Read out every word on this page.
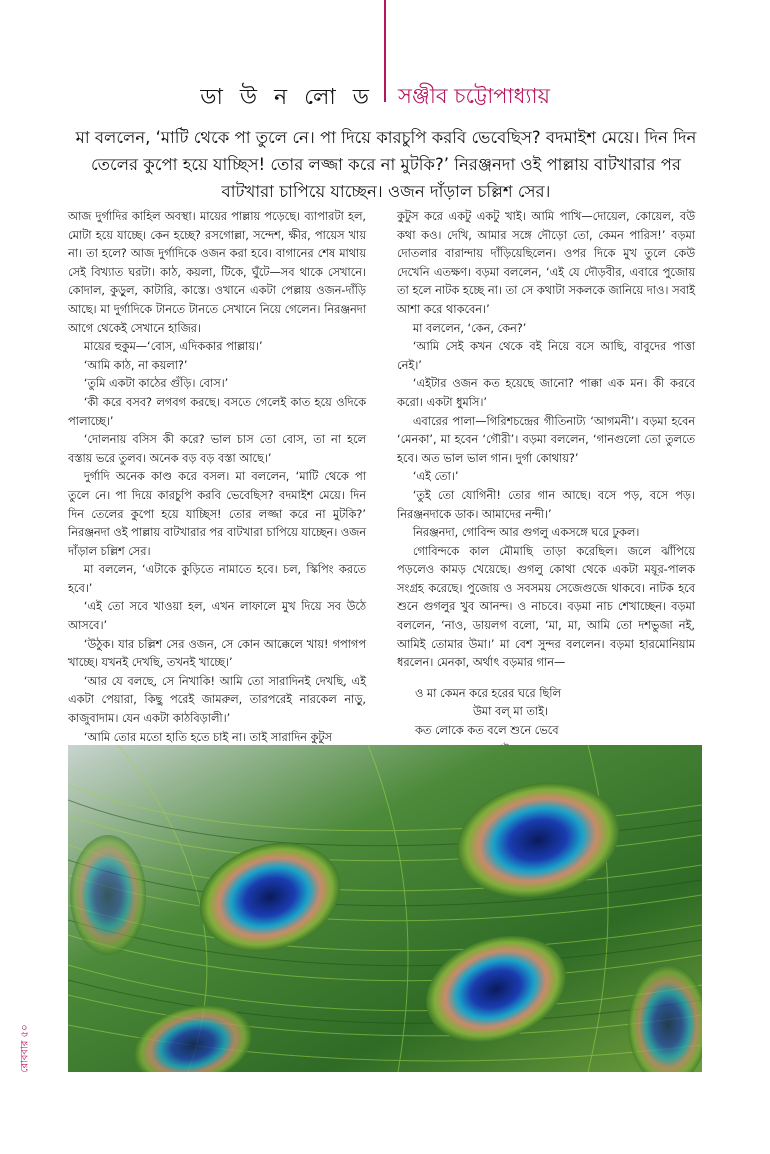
ডা উ ন লো ড সঞ্জীব চট্টোপাধ্যায়
মা বললেন, ‘মাটি থেকে পা তুলে নে। পা দিয়ে কারচুপি করবি ভেবেছিস? বদমাইশ মেয়ে। দিন দিন তেলের কুপো হয়ে যাচ্ছিস! তোর লজ্জা করে না মুটকি?’ নিরঞ্জনদা ওই পাল্লায় বাটখারার পর বাটখারা চাপিয়ে যাচ্ছেন। ওজন দাঁড়াল চল্লিশ সের।

আজ দুর্গাদির কাহিল অবস্থা। মায়ের পাল্লায় পড়েছে। ব্যাপারটা হল, মোটা হয়ে যাচ্ছে। কেন হচ্ছে? রসগোল্লা, সন্দেশ, ক্ষীর, পায়েস খায় না। তা হলে? আজ দুর্গাদিকে ওজন করা হবে। বাগানের শেষ মাথায় সেই বিখ্যাত ঘরটা। কাঠ, কয়লা, টিকে, ঘুঁটে—সব থাকে সেখানে। কোদাল, কুড়ুল, কাটারি, কাস্তে। ওখানে একটা পেল্লায় ওজন-দাঁড়ি আছে। মা দুর্গাদিকে টানতে টানতে সেখানে নিয়ে গেলেন। নিরঞ্জনদা আগে থেকেই সেখানে হাজির।

মায়ের হুকুম—‘বোস, এদিককার পাল্লায়।’

‘আমি কাঠ, না কয়লা?’

‘তুমি একটা কাঠের গুঁড়ি। বোস।’

‘কী করে বসব? লগবগ করছে। বসতে গেলেই কাত হয়ে ওদিকে পালাচ্ছে।’

‘দোলনায় বসিস কী করে? ভাল চাস তো বোস, তা না হলে বস্তায় ভরে তুলব। অনেক বড় বড় বস্তা আছে।’

দুর্গাদি অনেক কাণ্ড করে বসল। মা বললেন, ‘মাটি থেকে পা তুলে নে। পা দিয়ে কারচুপি করবি ভেবেছিস? বদমাইশ মেয়ে। দিন দিন তেলের কুপো হয়ে যাচ্ছিস! তোর লজ্জা করে না মুটকি?’ নিরঞ্জনদা ওই পাল্লায় বাটখারার পর বাটখারা চাপিয়ে যাচ্ছেন। ওজন দাঁড়াল চল্লিশ সের।

মা বললেন, ‘এটাকে কুড়িতে নামাতে হবে। চল, স্কিপিং করতে হবে।’

‘এই তো সবে খাওয়া হল, এখন লাফালে মুখ দিয়ে সব উঠে আসবে।’

‘উঠুক। যার চল্লিশ সের ওজন, সে কোন আক্কেলে খায়! গপাগপ খাচ্ছে। যখনই দেখছি, তখনই খাচ্ছে।’

‘আর যে বলছে, সে নিখাকি! আমি তো সারাদিনই দেখছি, এই একটা পেয়ারা, কিছু পরেই জামরুল, তারপরেই নারকেল নাড়ু, কাজুবাদাম। যেন একটা কাঠবিড়ালী।’

‘আমি তোর মতো হাতি হতে চাই না। তাই সারাদিন কুটুস

কুটুস করে একটু একটু খাই। আমি পাখি—দোয়েল, কোয়েল, বউ কথা কও। দেখি, আমার সঙ্গে দৌড়ো তো, কেমন পারিস!’ বড়মা দোতলার বারান্দায় দাঁড়িয়েছিলেন। ওপর দিকে মুখ তুলে কেউ দেখেনি এতক্ষণ। বড়মা বললেন, ‘এই যে দৌড়বীর, এবারে পুজোয় তা হলে নাটক হচ্ছে না। তা সে কথাটা সকলকে জানিয়ে দাও। সবাই আশা করে থাকবেন।’

মা বললেন, ‘কেন, কেন?’

‘আমি সেই কখন থেকে বই নিয়ে বসে আছি, বাবুদের পাত্তা নেই।’

‘এইটার ওজন কত হয়েছে জানো? পাক্কা এক মন। কী করবে করো। একটা ধুমসি।’

এবারের পালা—গিরিশচন্দ্রের গীতিনাট্য ‘আগমনী’। বড়মা হবেন ‘মেনকা’, মা হবেন ‘গৌরী’। বড়মা বললেন, ‘গানগুলো তো তুলতে হবে। অত ভাল ভাল গান। দুর্গা কোথায়?’

‘এই তো।’

‘তুই তো যোগিনী! তোর গান আছে। বসে পড়, বসে পড়। নিরঞ্জনদাকে ডাক। আমাদের নন্দী।’

নিরঞ্জনদা, গোবিন্দ আর গুগলু একসঙ্গে ঘরে ঢুকল।

গোবিন্দকে কাল মৌমাছি তাড়া করেছিল। জলে ঝাঁপিয়ে পড়লেও কামড় খেয়েছে। গুগলু কোথা থেকে একটা ময়ূর-পালক সংগ্রহ করেছে। পুজোয় ও সবসময় সেজেগুজে থাকবে। নাটক হবে শুনে গুগলুর খুব আনন্দ। ও নাচবে। বড়মা নাচ শেখাচ্ছেন। বড়মা বললেন, ‘নাও, ডায়লগ বলো, ‘মা, মা, আমি তো দশভুজা নই, আমিই তোমার উমা।’ মা বেশ সুন্দর বললেন। বড়মা হারমোনিয়াম ধরলেন। মেনকা, অর্থাৎ বড়মার গান—

ও মা কেমন করে হরের ঘরে ছিলি
উমা বল্ মা তাই।
কত লোকে কত বলে শুনে ভেবে
রোববার ৫০
